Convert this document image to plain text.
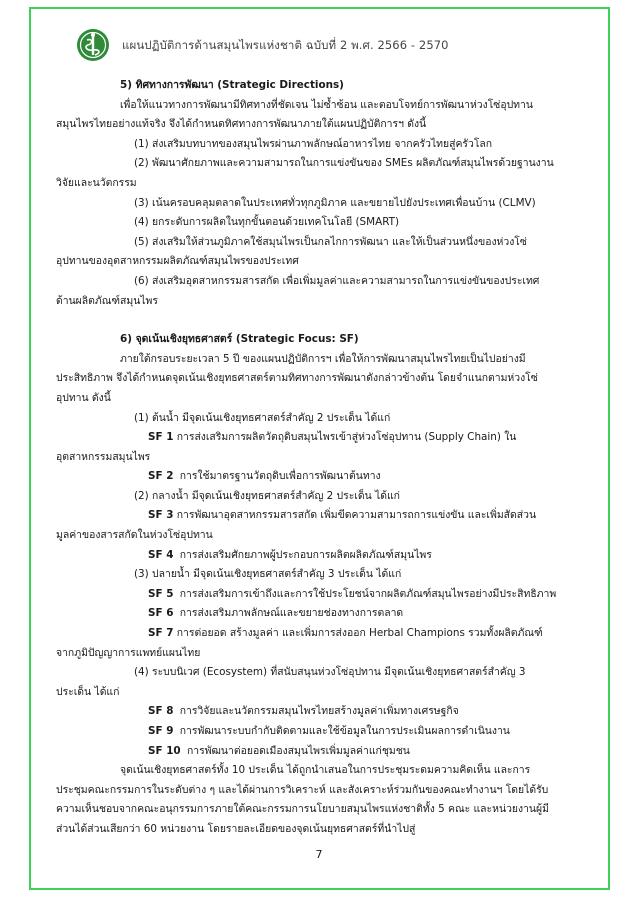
แผนปฏิบัติการด้านสมุนไพรแห่งชาติ ฉบับที่ 2 พ.ศ. 2566 - 2570

5) ทิศทางการพัฒนา (Strategic Directions)

เพื่อให้แนวทางการพัฒนามีทิศทางที่ชัดเจน ไม่ซ้ำซ้อน และตอบโจทย์การพัฒนาห่วงโซ่อุปทานสมุนไพรไทยอย่างแท้จริง จึงได้กำหนดทิศทางการพัฒนาภายใต้แผนปฏิบัติการฯ ดังนี้

(1) ส่งเสริมบทบาทของสมุนไพรผ่านภาพลักษณ์อาหารไทย จากครัวไทยสู่ครัวโลก

(2) พัฒนาศักยภาพและความสามารถในการแข่งขันของ SMEs ผลิตภัณฑ์สมุนไพรด้วยฐานงานวิจัยและนวัตกรรม

(3) เน้นครอบคลุมตลาดในประเทศทั่วทุกภูมิภาค และขยายไปยังประเทศเพื่อนบ้าน (CLMV)

(4) ยกระดับการผลิตในทุกขั้นตอนด้วยเทคโนโลยี (SMART)

(5) ส่งเสริมให้ส่วนภูมิภาคใช้สมุนไพรเป็นกลไกการพัฒนา และให้เป็นส่วนหนึ่งของห่วงโซ่อุปทานของอุตสาหกรรมผลิตภัณฑ์สมุนไพรของประเทศ

(6) ส่งเสริมอุตสาหกรรมสารสกัด เพื่อเพิ่มมูลค่าและความสามารถในการแข่งขันของประเทศด้านผลิตภัณฑ์สมุนไพร

6) จุดเน้นเชิงยุทธศาสตร์ (Strategic Focus: SF)

ภายใต้กรอบระยะเวลา 5 ปี ของแผนปฏิบัติการฯ เพื่อให้การพัฒนาสมุนไพรไทยเป็นไปอย่างมีประสิทธิภาพ จึงได้กำหนดจุดเน้นเชิงยุทธศาสตร์ตามทิศทางการพัฒนาดังกล่าวข้างต้น โดยจำแนกตามห่วงโซ่อุปทาน ดังนี้

(1) ต้นน้ำ มีจุดเน้นเชิงยุทธศาสตร์สำคัญ 2 ประเด็น ได้แก่

SF 1 การส่งเสริมการผลิตวัตถุดิบสมุนไพรเข้าสู่ห่วงโซ่อุปทาน (Supply Chain) ในอุตสาหกรรมสมุนไพร

SF 2 การใช้มาตรฐานวัตถุดิบเพื่อการพัฒนาต้นทาง

(2) กลางน้ำ มีจุดเน้นเชิงยุทธศาสตร์สำคัญ 2 ประเด็น ได้แก่

SF 3 การพัฒนาอุตสาหกรรมสารสกัด เพิ่มขีดความสามารถการแข่งขัน และเพิ่มสัดส่วนมูลค่าของสารสกัดในห่วงโซ่อุปทาน

SF 4 การส่งเสริมศักยภาพผู้ประกอบการผลิตผลิตภัณฑ์สมุนไพร

(3) ปลายน้ำ มีจุดเน้นเชิงยุทธศาสตร์สำคัญ 3 ประเด็น ได้แก่

SF 5 การส่งเสริมการเข้าถึงและการใช้ประโยชน์จากผลิตภัณฑ์สมุนไพรอย่างมีประสิทธิภาพ

SF 6 การส่งเสริมภาพลักษณ์และขยายช่องทางการตลาด

SF 7 การต่อยอด สร้างมูลค่า และเพิ่มการส่งออก Herbal Champions รวมทั้งผลิตภัณฑ์จากภูมิปัญญาการแพทย์แผนไทย

(4) ระบบนิเวศ (Ecosystem) ที่สนับสนุนห่วงโซ่อุปทาน มีจุดเน้นเชิงยุทธศาสตร์สำคัญ 3 ประเด็น ได้แก่

SF 8 การวิจัยและนวัตกรรมสมุนไพรไทยสร้างมูลค่าเพิ่มทางเศรษฐกิจ

SF 9 การพัฒนาระบบกำกับติดตามและใช้ข้อมูลในการประเมินผลการดำเนินงาน

SF 10 การพัฒนาต่อยอดเมืองสมุนไพรเพิ่มมูลค่าแก่ชุมชน

จุดเน้นเชิงยุทธศาสตร์ทั้ง 10 ประเด็น ได้ถูกนำเสนอในการประชุมระดมความคิดเห็น และการประชุมคณะกรรมการในระดับต่าง ๆ และได้ผ่านการวิเคราะห์ และสังเคราะห์ร่วมกันของคณะทำงานฯ โดยได้รับความเห็นชอบจากคณะอนุกรรมการภายใต้คณะกรรมการนโยบายสมุนไพรแห่งชาติทั้ง 5 คณะ และหน่วยงานผู้มีส่วนได้ส่วนเสียกว่า 60 หน่วยงาน โดยรายละเอียดของจุดเน้นยุทธศาสตร์ที่นำไปสู่

7
